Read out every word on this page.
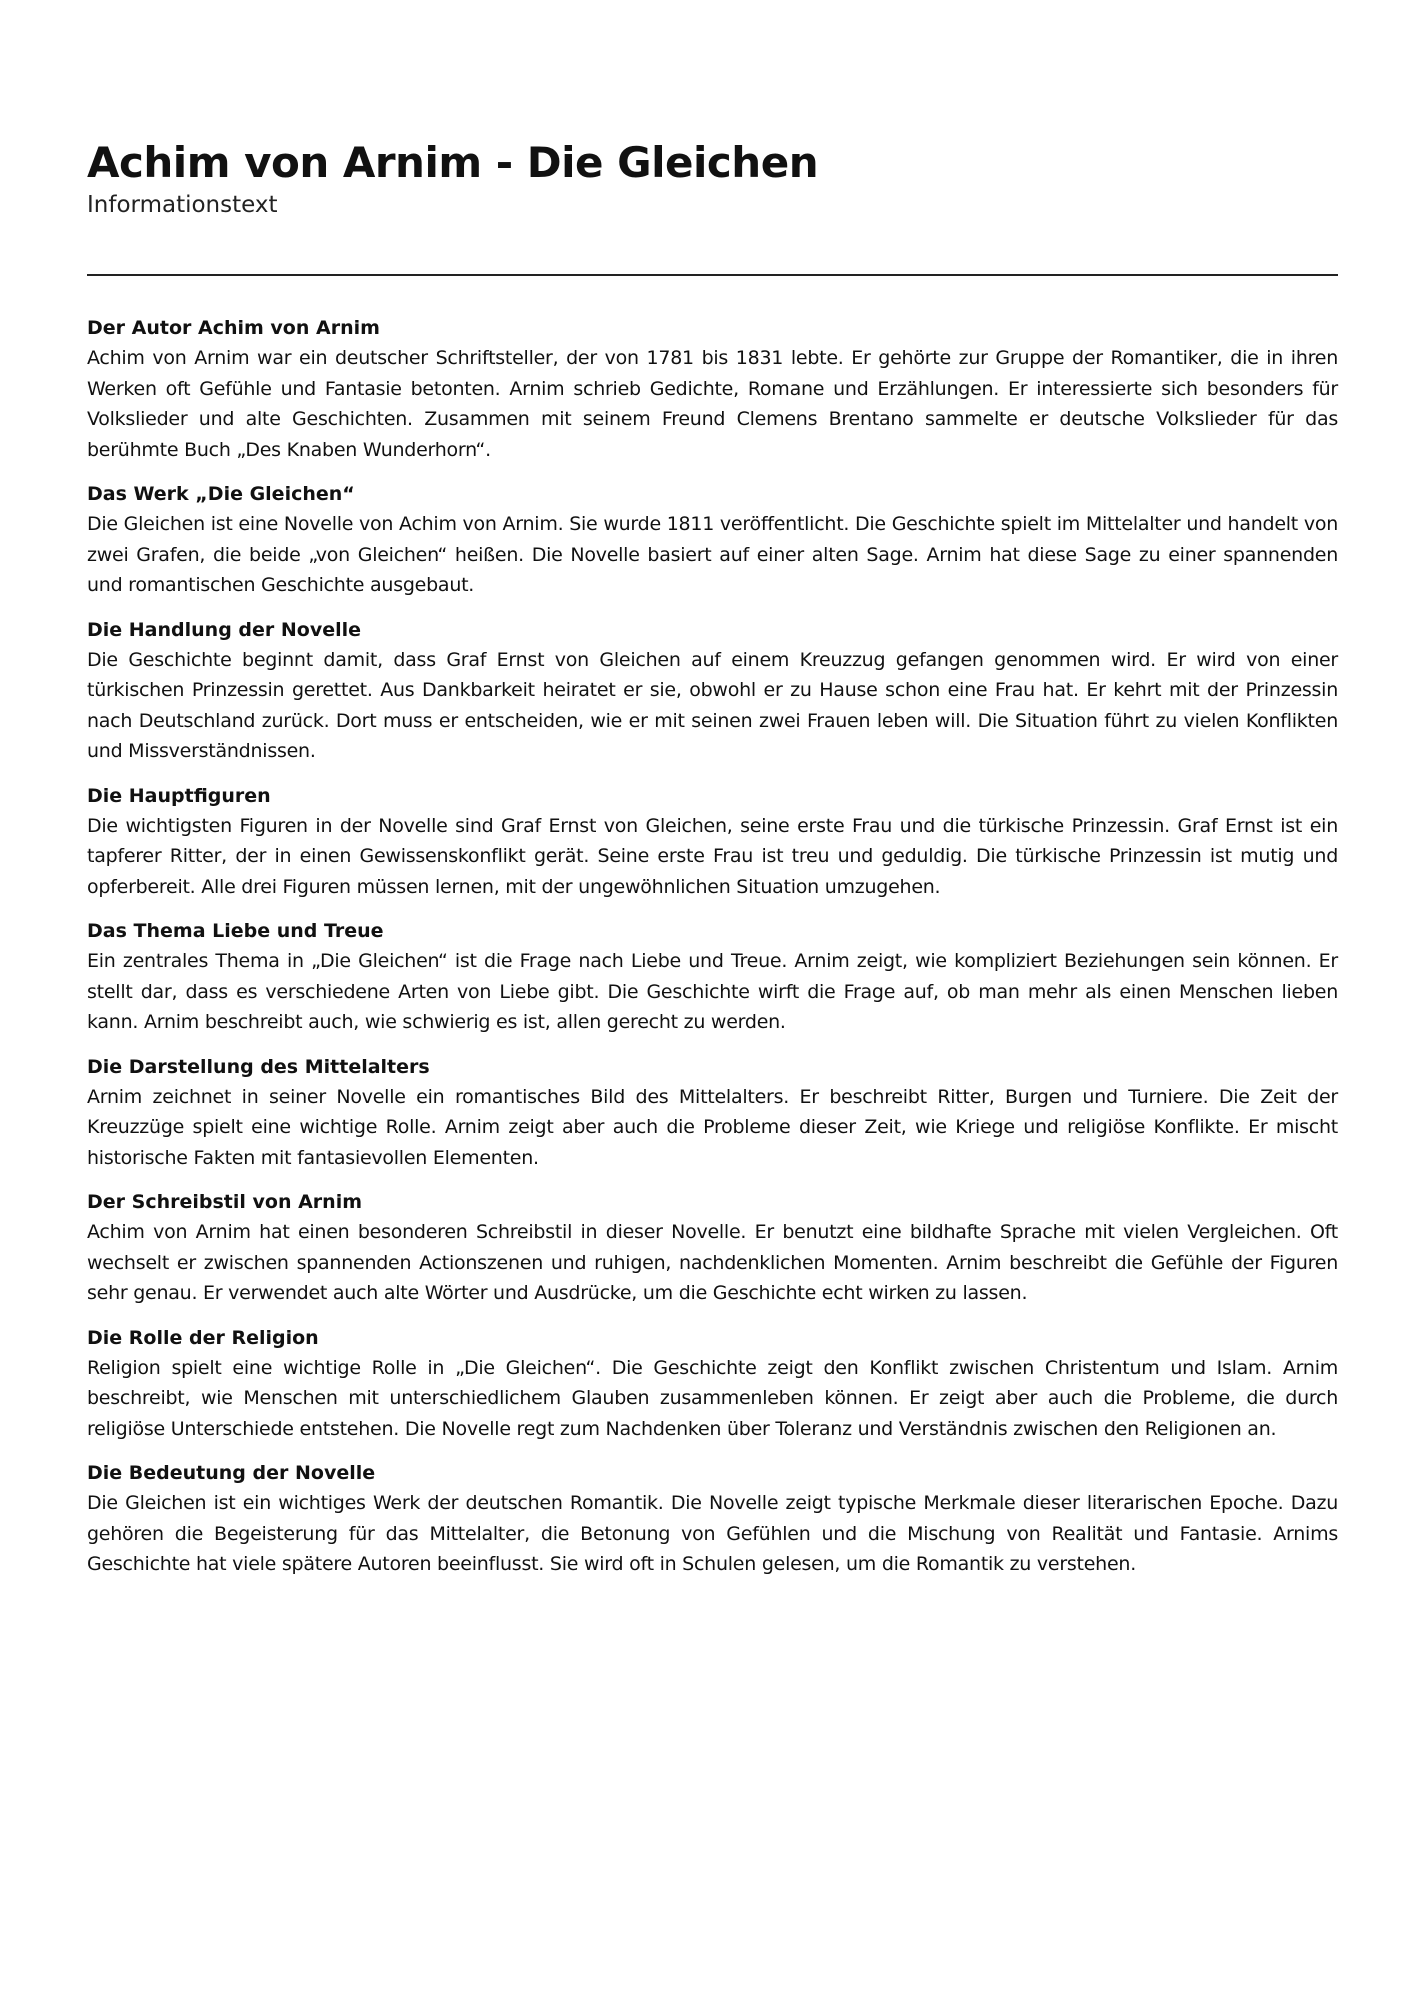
Achim von Arnim - Die Gleichen
Informationstext
Der Autor Achim von Arnim

Achim von Arnim war ein deutscher Schriftsteller, der von 1781 bis 1831 lebte. Er gehörte zur Gruppe der Romantiker, die in ihren Werken oft Gefühle und Fantasie betonten. Arnim schrieb Gedichte, Romane und Erzählungen. Er interessierte sich besonders für Volkslieder und alte Geschichten. Zusammen mit seinem Freund Clemens Brentano sammelte er deutsche Volkslieder für das berühmte Buch „Des Knaben Wunderhorn“.

Das Werk „Die Gleichen“

Die Gleichen ist eine Novelle von Achim von Arnim. Sie wurde 1811 veröffentlicht. Die Geschichte spielt im Mittelalter und handelt von zwei Grafen, die beide „von Gleichen“ heißen. Die Novelle basiert auf einer alten Sage. Arnim hat diese Sage zu einer spannenden und romantischen Geschichte ausgebaut.

Die Handlung der Novelle

Die Geschichte beginnt damit, dass Graf Ernst von Gleichen auf einem Kreuzzug gefangen genommen wird. Er wird von einer türkischen Prinzessin gerettet. Aus Dankbarkeit heiratet er sie, obwohl er zu Hause schon eine Frau hat. Er kehrt mit der Prinzessin nach Deutschland zurück. Dort muss er entscheiden, wie er mit seinen zwei Frauen leben will. Die Situation führt zu vielen Konflikten und Missverständnissen.

Die Hauptfiguren

Die wichtigsten Figuren in der Novelle sind Graf Ernst von Gleichen, seine erste Frau und die türkische Prinzessin. Graf Ernst ist ein tapferer Ritter, der in einen Gewissenskonflikt gerät. Seine erste Frau ist treu und geduldig. Die türkische Prinzessin ist mutig und opferbereit. Alle drei Figuren müssen lernen, mit der ungewöhnlichen Situation umzugehen.

Das Thema Liebe und Treue

Ein zentrales Thema in „Die Gleichen“ ist die Frage nach Liebe und Treue. Arnim zeigt, wie kompliziert Beziehungen sein können. Er stellt dar, dass es verschiedene Arten von Liebe gibt. Die Geschichte wirft die Frage auf, ob man mehr als einen Menschen lieben kann. Arnim beschreibt auch, wie schwierig es ist, allen gerecht zu werden.

Die Darstellung des Mittelalters

Arnim zeichnet in seiner Novelle ein romantisches Bild des Mittelalters. Er beschreibt Ritter, Burgen und Turniere. Die Zeit der Kreuzzüge spielt eine wichtige Rolle. Arnim zeigt aber auch die Probleme dieser Zeit, wie Kriege und religiöse Konflikte. Er mischt historische Fakten mit fantasievollen Elementen.

Der Schreibstil von Arnim

Achim von Arnim hat einen besonderen Schreibstil in dieser Novelle. Er benutzt eine bildhafte Sprache mit vielen Vergleichen. Oft wechselt er zwischen spannenden Actionszenen und ruhigen, nachdenklichen Momenten. Arnim beschreibt die Gefühle der Figuren sehr genau. Er verwendet auch alte Wörter und Ausdrücke, um die Geschichte echt wirken zu lassen.

Die Rolle der Religion

Religion spielt eine wichtige Rolle in „Die Gleichen“. Die Geschichte zeigt den Konflikt zwischen Christentum und Islam. Arnim beschreibt, wie Menschen mit unterschiedlichem Glauben zusammenleben können. Er zeigt aber auch die Probleme, die durch religiöse Unterschiede entstehen. Die Novelle regt zum Nachdenken über Toleranz und Verständnis zwischen den Religionen an.

Die Bedeutung der Novelle

Die Gleichen ist ein wichtiges Werk der deutschen Romantik. Die Novelle zeigt typische Merkmale dieser literarischen Epoche. Dazu gehören die Begeisterung für das Mittelalter, die Betonung von Gefühlen und die Mischung von Realität und Fantasie. Arnims Geschichte hat viele spätere Autoren beeinflusst. Sie wird oft in Schulen gelesen, um die Romantik zu verstehen.
